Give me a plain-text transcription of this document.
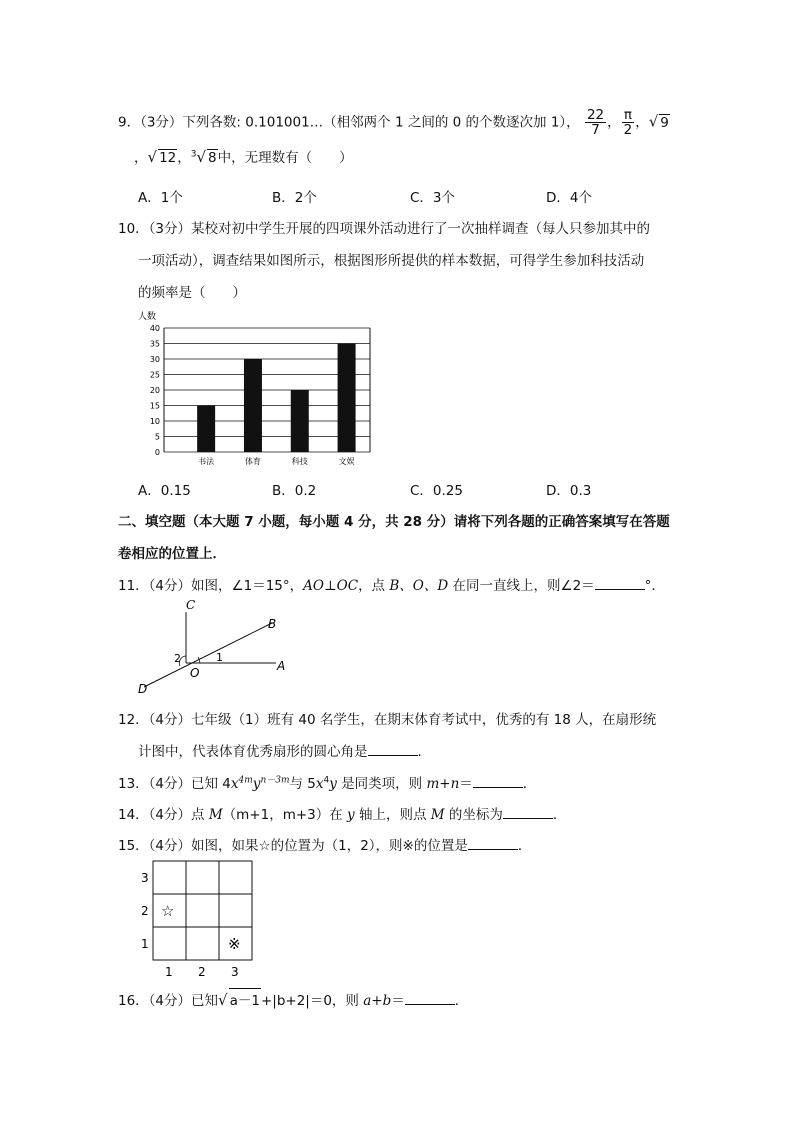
9．（3分）下列各数: 0.101001…（相邻两个 1 之间的 0 的个数逐次加 1）， $\frac{22}{7}$ ， $\frac{\pi}{2}$ ，√ 9
，√ 12，$^3$√ 8中，无理数有（　　）
A．1个	B．2个	C．3个	D．4个
10．（3分）某校对初中学生开展的四项课外活动进行了一次抽样调查（每人只参加其中的
一项活动），调查结果如图所示，根据图形所提供的样本数据，可得学生参加科技活动
的频率是（　　）
人数
40
35
30
25
20
15
10
5
0
书法	体育	科技	文娱
A．0.15	B．0.2	C．0.25	D．0.3
二、填空题（本大题 7 小题，每小题 4 分，共 28 分）请将下列各题的正确答案填写在答题
卷相应的位置上．
11．（4分）如图，∠1＝15°，AO⊥OC，点 B、O、D 在同一直线上，则∠2＝	°．
C
B
A
O
D
1
2
12．（4分）七年级（1）班有 40 名学生，在期末体育考试中，优秀的有 18 人，在扇形统
计图中，代表体育优秀扇形的圆心角是	．
13．（4分）已知 $4x^{4m}y^{n-3m}$与 $5x^4y$ 是同类项，则 m+n＝	．
14．（4分）点 M（m+1，m+3）在 y 轴上，则点 M 的坐标为	．
15．（4分）如图，如果☆的位置为（1，2），则※的位置是	．
3
2
1
1 2 3
☆
※
16．（4分）已知√ a－1+|b+2|＝0，则 a+b＝	．
